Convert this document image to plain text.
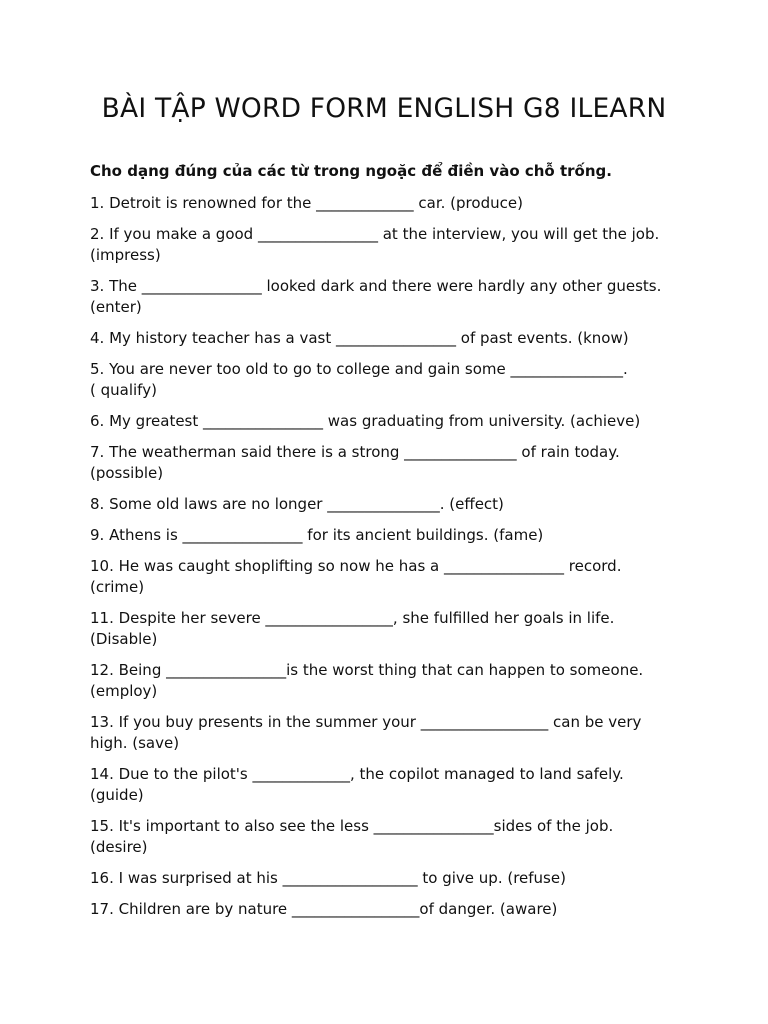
BÀI TẬP WORD FORM ENGLISH G8 ILEARN

Cho dạng đúng của các từ trong ngoặc để điền vào chỗ trống.

1. Detroit is renowned for the _____________ car. (produce)
2. If you make a good ________________ at the interview, you will get the job.
(impress)
3. The ________________ looked dark and there were hardly any other guests.
(enter)
4. My history teacher has a vast ________________ of past events. (know)
5. You are never too old to go to college and gain some _______________.
( qualify)
6. My greatest ________________ was graduating from university. (achieve)
7. The weatherman said there is a strong _______________ of rain today.
(possible)
8. Some old laws are no longer _______________. (effect)
9. Athens is ________________ for its ancient buildings. (fame)
10. He was caught shoplifting so now he has a ________________ record.
(crime)
11. Despite her severe _________________, she fulfilled her goals in life.
(Disable)
12. Being ________________is the worst thing that can happen to someone.
(employ)
13. If you buy presents in the summer your _________________ can be very
high. (save)
14. Due to the pilot's _____________, the copilot managed to land safely.
(guide)
15. It's important to also see the less ________________sides of the job.
(desire)
16. I was surprised at his __________________ to give up. (refuse)
17. Children are by nature _________________of danger. (aware)
